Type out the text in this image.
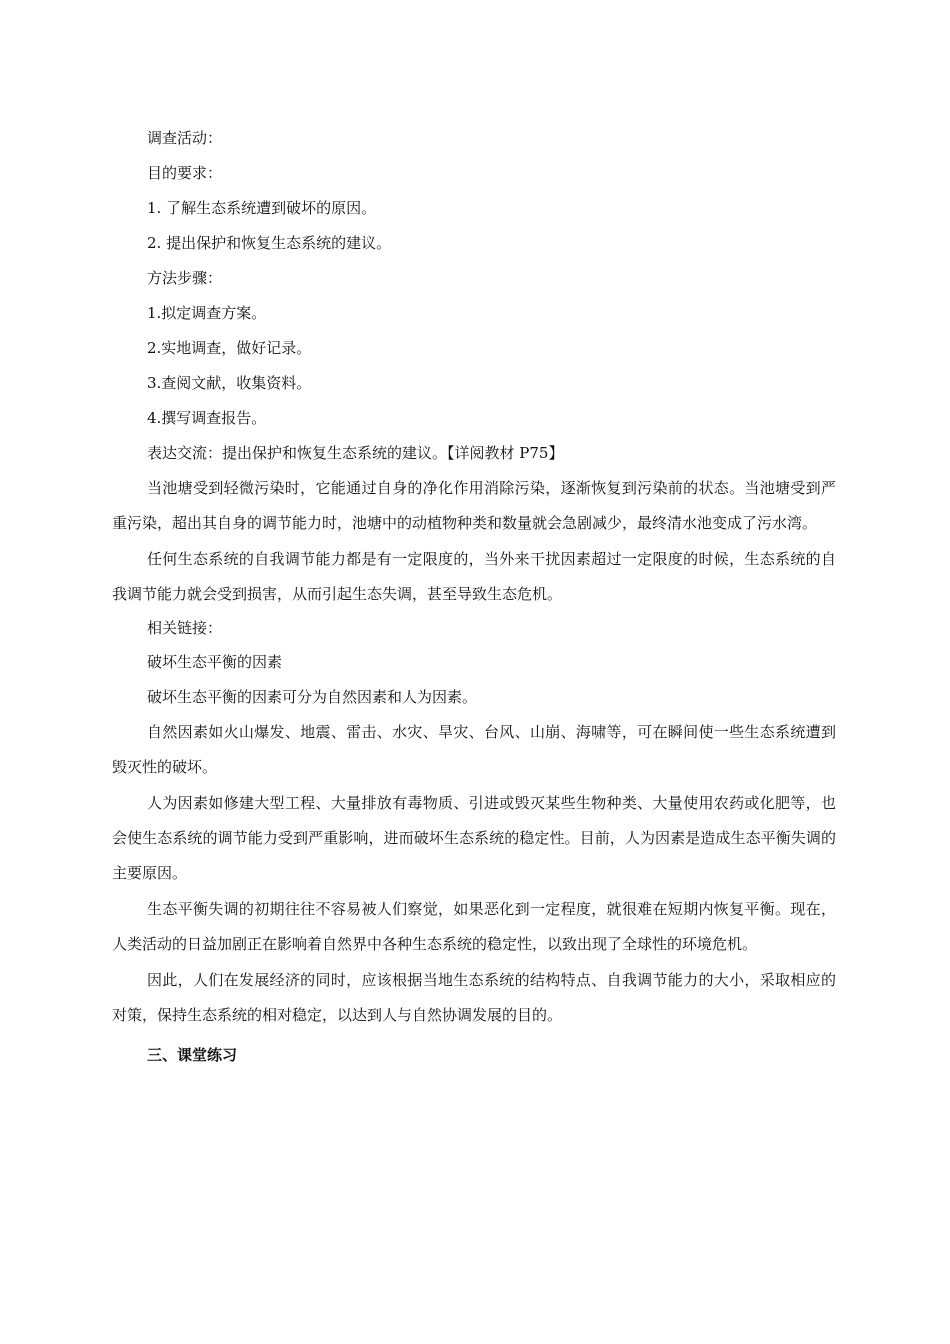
调查活动：
目的要求：
1. 了解生态系统遭到破坏的原因。
2. 提出保护和恢复生态系统的建议。
方法步骤：
1.拟定调查方案。
2.实地调查，做好记录。
3.查阅文献，收集资料。
4.撰写调查报告。
表达交流：提出保护和恢复生态系统的建议。【详阅教材 P75】
当池塘受到轻微污染时，它能通过自身的净化作用消除污染，逐渐恢复到污染前的状态。当池塘受到严重污染，超出其自身的调节能力时，池塘中的动植物种类和数量就会急剧减少，最终清水池变成了污水湾。
任何生态系统的自我调节能力都是有一定限度的，当外来干扰因素超过一定限度的时候，生态系统的自我调节能力就会受到损害，从而引起生态失调，甚至导致生态危机。
相关链接：
破坏生态平衡的因素
破坏生态平衡的因素可分为自然因素和人为因素。
自然因素如火山爆发、地震、雷击、水灾、旱灾、台风、山崩、海啸等，可在瞬间使一些生态系统遭到毁灭性的破坏。
人为因素如修建大型工程、大量排放有毒物质、引进或毁灭某些生物种类、大量使用农药或化肥等，也会使生态系统的调节能力受到严重影响，进而破坏生态系统的稳定性。目前，人为因素是造成生态平衡失调的主要原因。
生态平衡失调的初期往往不容易被人们察觉，如果恶化到一定程度，就很难在短期内恢复平衡。现在，人类活动的日益加剧正在影响着自然界中各种生态系统的稳定性，以致出现了全球性的环境危机。
因此，人们在发展经济的同时，应该根据当地生态系统的结构特点、自我调节能力的大小，采取相应的对策，保持生态系统的相对稳定，以达到人与自然协调发展的目的。
三、课堂练习
